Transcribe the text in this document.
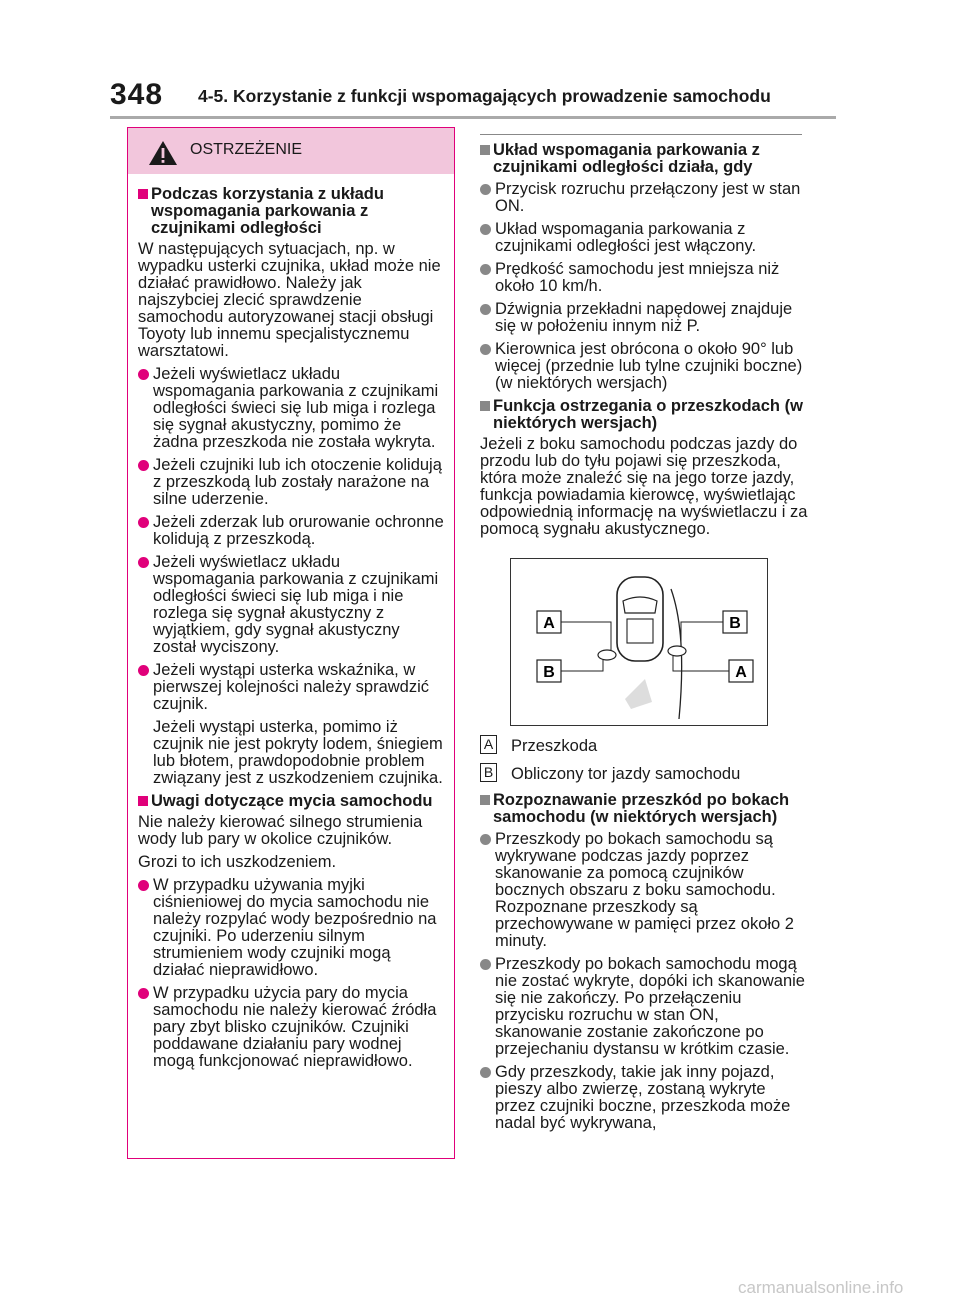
348 4-5. Korzystanie z funkcji wspomagających prowadzenie samochodu
OSTRZEŻENIE
Podczas korzystania z układu wspomagania parkowania z czujnikami odległości
W następujących sytuacjach, np. w wypadku usterki czujnika, układ może nie działać prawidłowo. Należy jak najszybciej zlecić sprawdzenie samochodu autoryzowanej stacji obsługi Toyoty lub innemu specjalistycznemu warsztatowi.
Jeżeli wyświetlacz układu wspomagania parkowania z czujnikami odległości świeci się lub miga i rozlega się sygnał akustyczny, pomimo że żadna przeszkoda nie została wykryta.
Jeżeli czujniki lub ich otoczenie kolidują z przeszkodą lub zostały narażone na silne uderzenie.
Jeżeli zderzak lub orurowanie ochronne kolidują z przeszkodą.
Jeżeli wyświetlacz układu wspomagania parkowania z czujnikami odległości świeci się lub miga i nie rozlega się sygnał akustyczny z wyjątkiem, gdy sygnał akustyczny został wyciszony.
Jeżeli wystąpi usterka wskaźnika, w pierwszej kolejności należy sprawdzić czujnik.
Jeżeli wystąpi usterka, pomimo iż czujnik nie jest pokryty lodem, śniegiem lub błotem, prawdopodobnie problem związany jest z uszkodzeniem czujnika.
Uwagi dotyczące mycia samochodu
Nie należy kierować silnego strumienia wody lub pary w okolice czujników.
Grozi to ich uszkodzeniem.
W przypadku używania myjki ciśnieniowej do mycia samochodu nie należy rozpylać wody bezpośrednio na czujniki. Po uderzeniu silnym strumieniem wody czujniki mogą działać nieprawidłowo.
W przypadku użycia pary do mycia samochodu nie należy kierować źródła pary zbyt blisko czujników. Czujniki poddawane działaniu pary wodnej mogą funkcjonować nieprawidłowo.
Układ wspomagania parkowania z czujnikami odległości działa, gdy
Przycisk rozruchu przełączony jest w stan ON.
Układ wspomagania parkowania z czujnikami odległości jest włączony.
Prędkość samochodu jest mniejsza niż około 10 km/h.
Dźwignia przekładni napędowej znajduje się w położeniu innym niż P.
Kierownica jest obrócona o około 90° lub więcej (przednie lub tylne czujniki boczne) (w niektórych wersjach)
Funkcja ostrzegania o przeszkodach (w niektórych wersjach)
Jeżeli z boku samochodu podczas jazdy do przodu lub do tyłu pojawi się przeszkoda, która może znaleźć się na jego torze jazdy, funkcja powiadamia kierowcę, wyświetlając odpowiednią informację na wyświetlaczu i za pomocą sygnału akustycznego.
A
B
B
A
A Przeszkoda
B Obliczony tor jazdy samochodu
Rozpoznawanie przeszkód po bokach samochodu (w niektórych wersjach)
Przeszkody po bokach samochodu są wykrywane podczas jazdy poprzez skanowanie za pomocą czujników bocznych obszaru z boku samochodu. Rozpoznane przeszkody są przechowywane w pamięci przez około 2 minuty.
Przeszkody po bokach samochodu mogą nie zostać wykryte, dopóki ich skanowanie się nie zakończy. Po przełączeniu przycisku rozruchu w stan ON, skanowanie zostanie zakończone po przejechaniu dystansu w krótkim czasie.
Gdy przeszkody, takie jak inny pojazd, pieszy albo zwierzę, zostaną wykryte przez czujniki boczne, przeszkoda może nadal być wykrywana,
carmanualsonline.info
